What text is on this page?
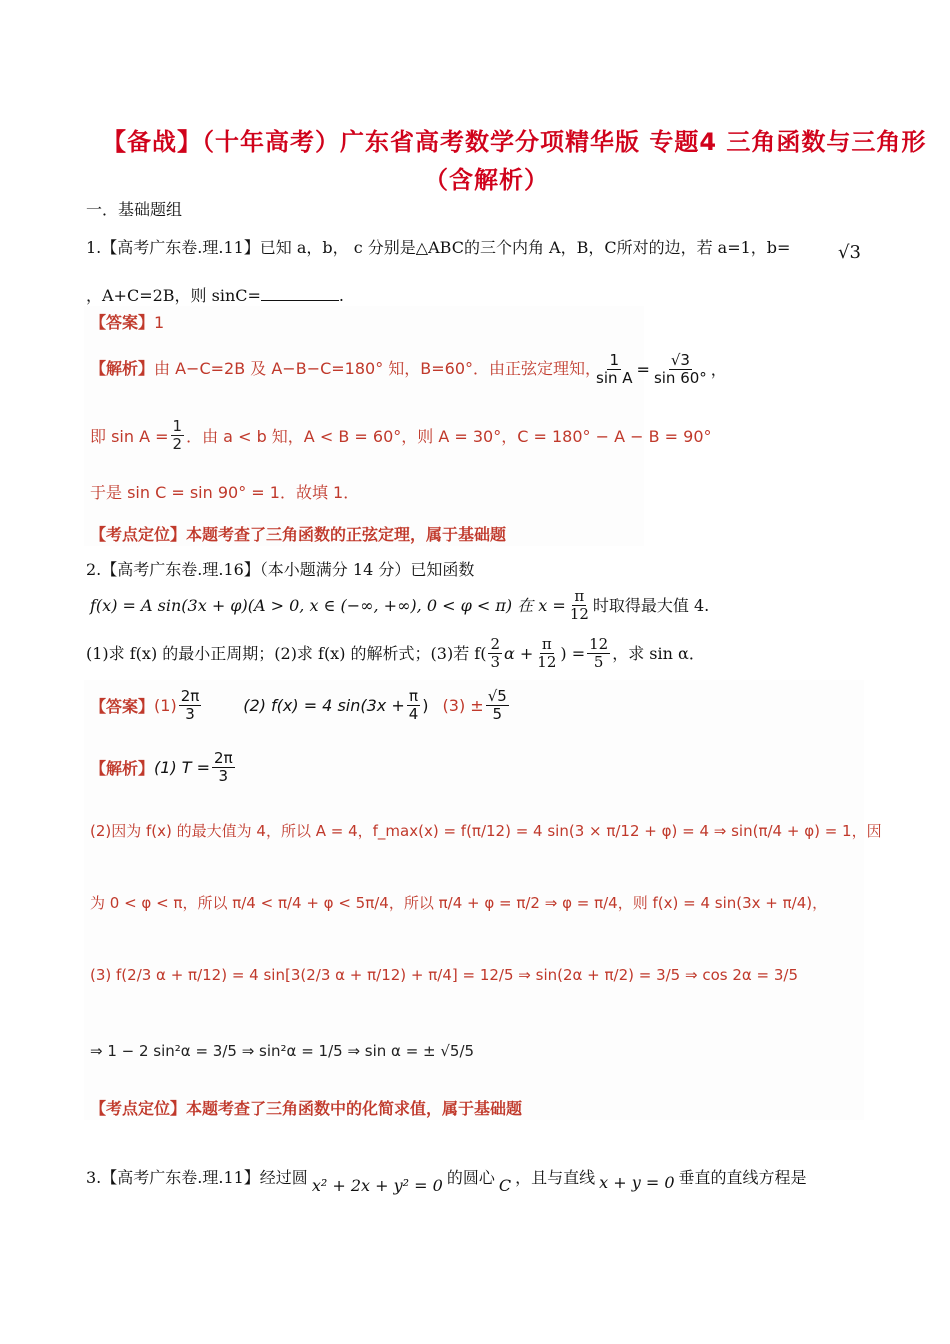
【备战】（十年高考）广东省高考数学分项精华版 专题4 三角函数与三角形
（含解析）
一．基础题组
1.【高考广东卷.理.11】已知 a，b， c 分别是△ABC的三个内角 A，B，C所对的边，若 a=1，b=	√3
，A+C=2B，则 sinC=	.
【答案】1
【解析】 由 A−C=2B 及 A−B−C=180° 知，B=60°．由正弦定理知，
$\frac{1}{\text{sin A}} = \frac{√3}{\sin 60^\circ}$ ，
即 $\sin A = \frac{1}{2}$ ．由 a < b 知，A < B = 60°，则 A = 30°，C = 180° − A − B = 90°
于是 sin C = sin 90° = 1．故填 1．
【考点定位】本题考查了三角函数的正弦定理，属于基础题
2.【高考广东卷.理.16】（本小题满分 14 分）已知函数
f(x) = A sin(3x + φ)(A > 0, x ∈ (−∞, +∞), 0 < φ < π) 在 $x = \frac{\pi}{12}$ 时取得最大值 4.
(1)求 f(x) 的最小正周期；(2)求 f(x) 的解析式；(3)若 $f( \frac{2}{3}$ $\alpha + \frac{\pi}{12}$ ) = $\frac{12}{5}$ ，求 sin α．
【答案】 $(1) \frac{2\pi}{3}$	(2) f(x) = 4 $\sin(3x + \frac{\pi}{4}$ ) $(3) \pm \frac{√5}{5}$
【解析】 (1) $T = \frac{2\pi}{3}$
(2)因为 f(x) 的最大值为 4，所以 A = 4，f_max(x) = f(π/12) = 4 sin(3 × π/12 + φ) = 4 ⇒ sin(π/4 + φ) = 1，因
为 0 < φ < π，所以 π/4 < π/4 + φ < 5π/4，所以 π/4 + φ = π/2 ⇒ φ = π/4，则 f(x) = 4 sin(3x + π/4)，
(3) f(2/3 α + π/12) = 4 sin[3(2/3 α + π/12) + π/4] = 12/5 ⇒ sin(2α + π/2) = 3/5 ⇒ cos 2α = 3/5
⇒ 1 − 2 sin²α = 3/5 ⇒ sin²α = 1/5 ⇒ sin α = ± √5/5
【考点定位】本题考查了三角函数中的化简求值，属于基础题
3.【高考广东卷.理.11】经过圆 x² + 2x + y² = 0 的圆心 C ，且与直线 x + y = 0 垂直的直线方程是
